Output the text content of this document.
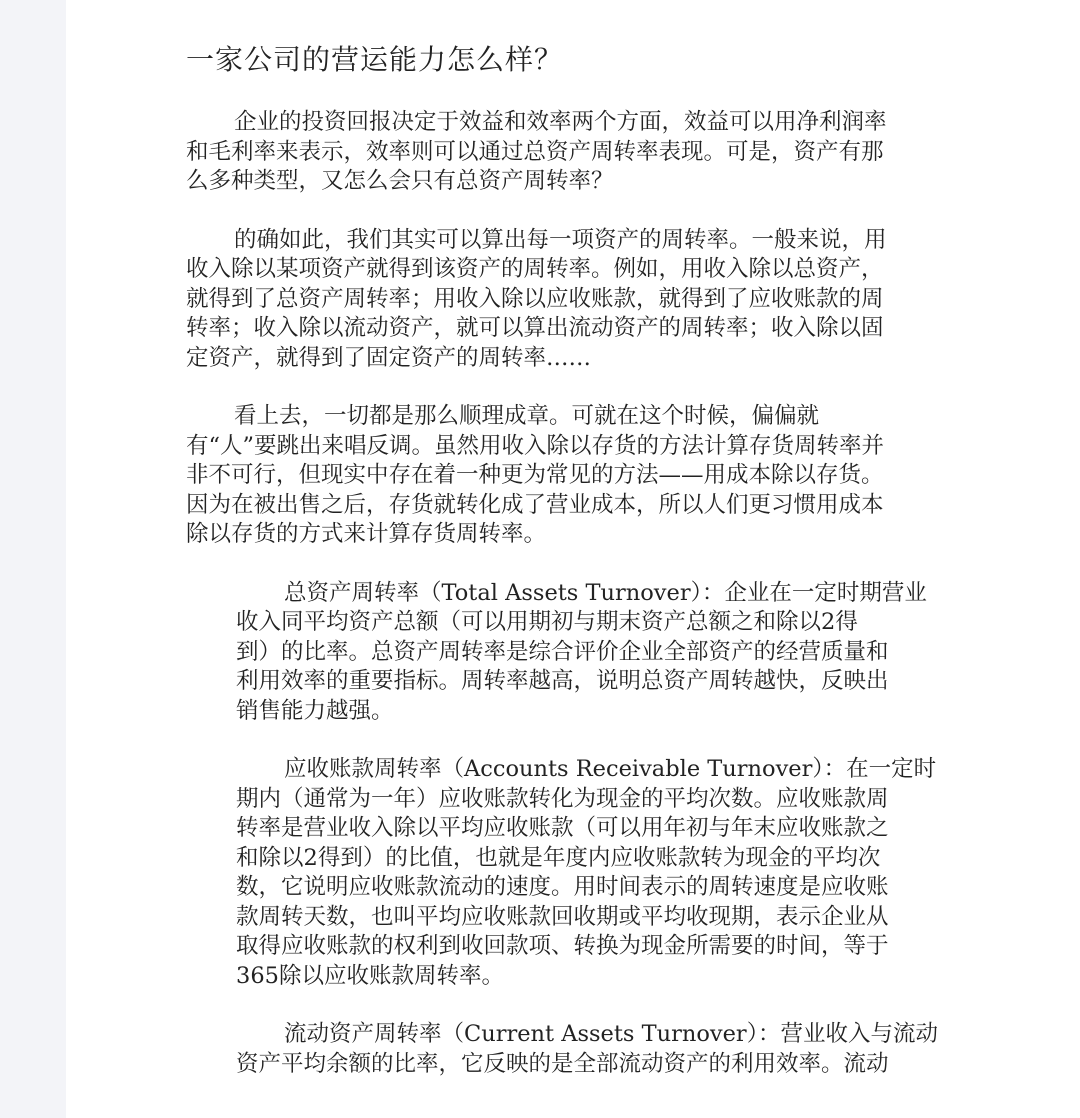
一家公司的营运能力怎么样？
企业的投资回报决定于效益和效率两个方面，效益可以用净利润率
和毛利率来表示，效率则可以通过总资产周转率表现。可是，资产有那
么多种类型，又怎么会只有总资产周转率？
的确如此，我们其实可以算出每一项资产的周转率。一般来说，用
收入除以某项资产就得到该资产的周转率。例如，用收入除以总资产，
就得到了总资产周转率；用收入除以应收账款，就得到了应收账款的周
转率；收入除以流动资产，就可以算出流动资产的周转率；收入除以固
定资产，就得到了固定资产的周转率……
看上去，一切都是那么顺理成章。可就在这个时候，偏偏就
有“人”要跳出来唱反调。虽然用收入除以存货的方法计算存货周转率并
非不可行，但现实中存在着一种更为常见的方法——用成本除以存货。
因为在被出售之后，存货就转化成了营业成本，所以人们更习惯用成本
除以存货的方式来计算存货周转率。
总资产周转率（Total Assets Turnover）：企业在一定时期营业
收入同平均资产总额（可以用期初与期末资产总额之和除以2得
到）的比率。总资产周转率是综合评价企业全部资产的经营质量和
利用效率的重要指标。周转率越高，说明总资产周转越快，反映出
销售能力越强。
应收账款周转率（Accounts Receivable Turnover）：在一定时
期内（通常为一年）应收账款转化为现金的平均次数。应收账款周
转率是营业收入除以平均应收账款（可以用年初与年末应收账款之
和除以2得到）的比值，也就是年度内应收账款转为现金的平均次
数，它说明应收账款流动的速度。用时间表示的周转速度是应收账
款周转天数，也叫平均应收账款回收期或平均收现期，表示企业从
取得应收账款的权利到收回款项、转换为现金所需要的时间，等于
365除以应收账款周转率。
流动资产周转率（Current Assets Turnover）：营业收入与流动
资产平均余额的比率，它反映的是全部流动资产的利用效率。流动
